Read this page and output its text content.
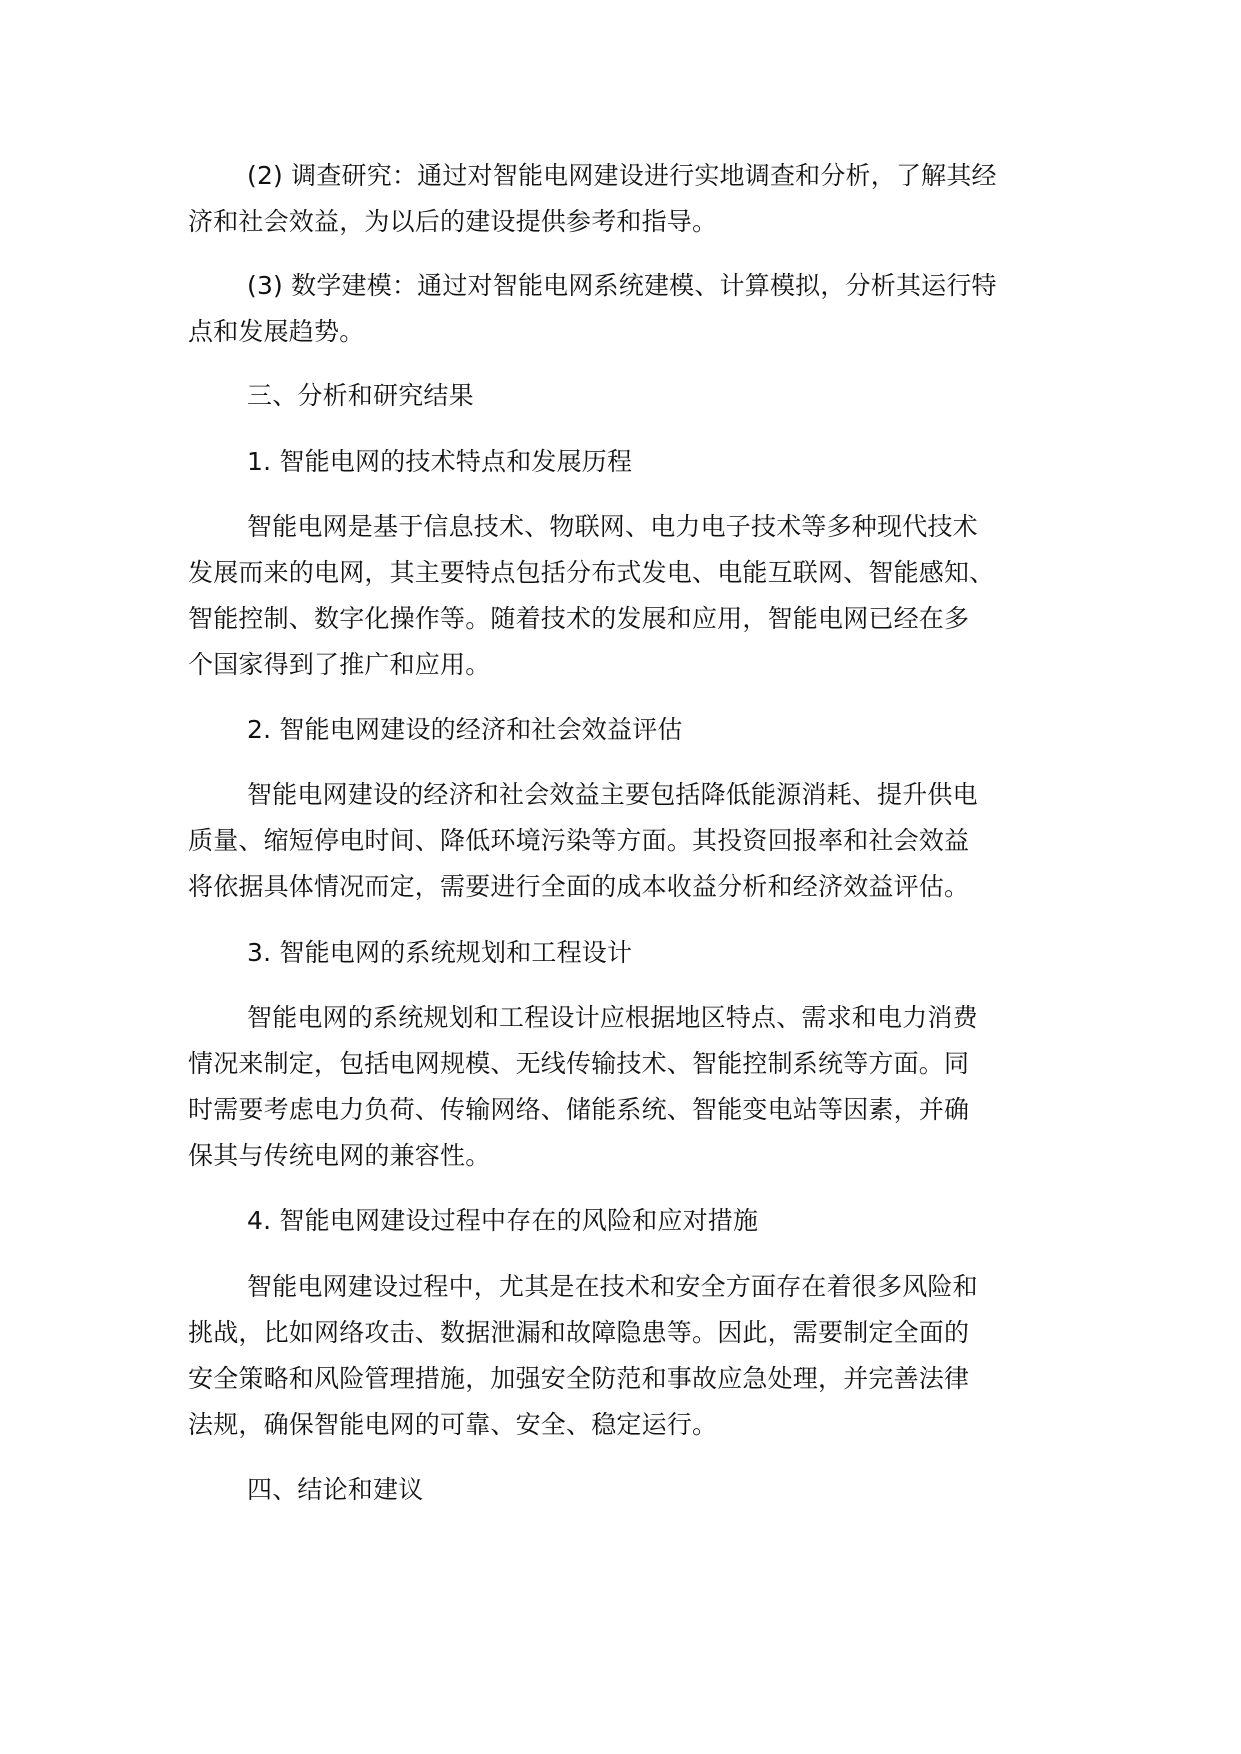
(2) 调查研究：通过对智能电网建设进行实地调查和分析，了解其经
济和社会效益，为以后的建设提供参考和指导。
(3) 数学建模：通过对智能电网系统建模、计算模拟，分析其运行特
点和发展趋势。
三、分析和研究结果
1. 智能电网的技术特点和发展历程
智能电网是基于信息技术、物联网、电力电子技术等多种现代技术
发展而来的电网，其主要特点包括分布式发电、电能互联网、智能感知、
智能控制、数字化操作等。随着技术的发展和应用，智能电网已经在多
个国家得到了推广和应用。
2. 智能电网建设的经济和社会效益评估
智能电网建设的经济和社会效益主要包括降低能源消耗、提升供电
质量、缩短停电时间、降低环境污染等方面。其投资回报率和社会效益
将依据具体情况而定，需要进行全面的成本收益分析和经济效益评估。
3. 智能电网的系统规划和工程设计
智能电网的系统规划和工程设计应根据地区特点、需求和电力消费
情况来制定，包括电网规模、无线传输技术、智能控制系统等方面。同
时需要考虑电力负荷、传输网络、储能系统、智能变电站等因素，并确
保其与传统电网的兼容性。
4. 智能电网建设过程中存在的风险和应对措施
智能电网建设过程中，尤其是在技术和安全方面存在着很多风险和
挑战，比如网络攻击、数据泄漏和故障隐患等。因此，需要制定全面的
安全策略和风险管理措施，加强安全防范和事故应急处理，并完善法律
法规，确保智能电网的可靠、安全、稳定运行。
四、结论和建议
